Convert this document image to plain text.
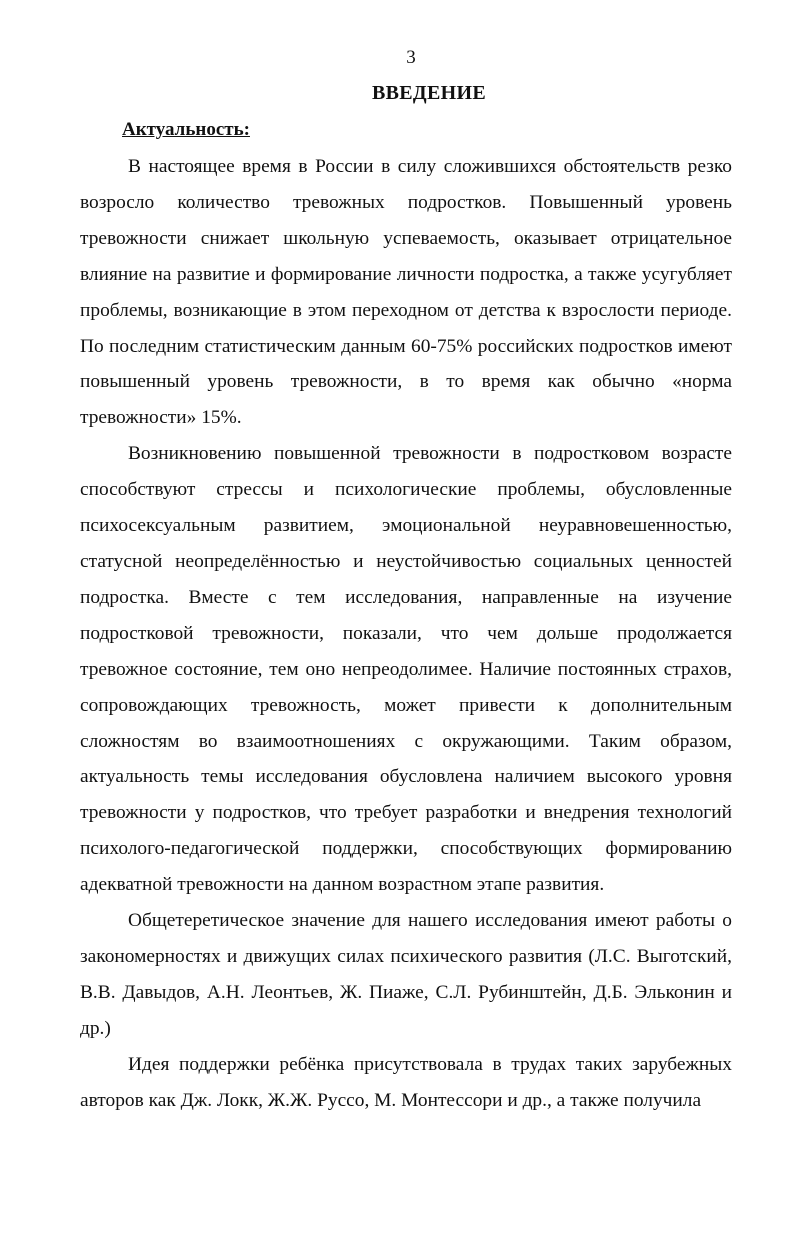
3
ВВЕДЕНИЕ
Актуальность:

В настоящее время в России в силу сложившихся обстоятельств резко возросло количество тревожных подростков. Повышенный уровень тревожности снижает школьную успеваемость, оказывает отрицательное влияние на развитие и формирование личности подростка, а также усугубляет проблемы, возникающие в этом переходном от детства к взрослости периоде. По последним статистическим данным 60-75% российских подростков имеют повышенный уровень тревожности, в то время как обычно «норма тревожности» 15%.

Возникновению повышенной тревожности в подростковом возрасте способствуют стрессы и психологические проблемы, обусловленные психосексуальным развитием, эмоциональной неуравновешенностью, статусной неопределённостью и неустойчивостью социальных ценностей подростка. Вместе с тем исследования, направленные на изучение подростковой тревожности, показали, что чем дольше продолжается тревожное состояние, тем оно непреодолимее. Наличие постоянных страхов, сопровождающих тревожность, может привести к дополнительным сложностям во взаимоотношениях с окружающими. Таким образом, актуальность темы исследования обусловлена наличием высокого уровня тревожности у подростков, что требует разработки и внедрения технологий психолого-педагогической поддержки, способствующих формированию адекватной тревожности на данном возрастном этапе развития.

Общетеретическое значение для нашего исследования имеют работы о закономерностях и движущих силах психического развития (Л.С. Выготский, В.В. Давыдов, А.Н. Леонтьев, Ж. Пиаже, С.Л. Рубинштейн, Д.Б. Эльконин и др.)

Идея поддержки ребёнка присутствовала в трудах таких зарубежных авторов как Дж. Локк, Ж.Ж. Руссо, М. Монтессори и др., а также получила
